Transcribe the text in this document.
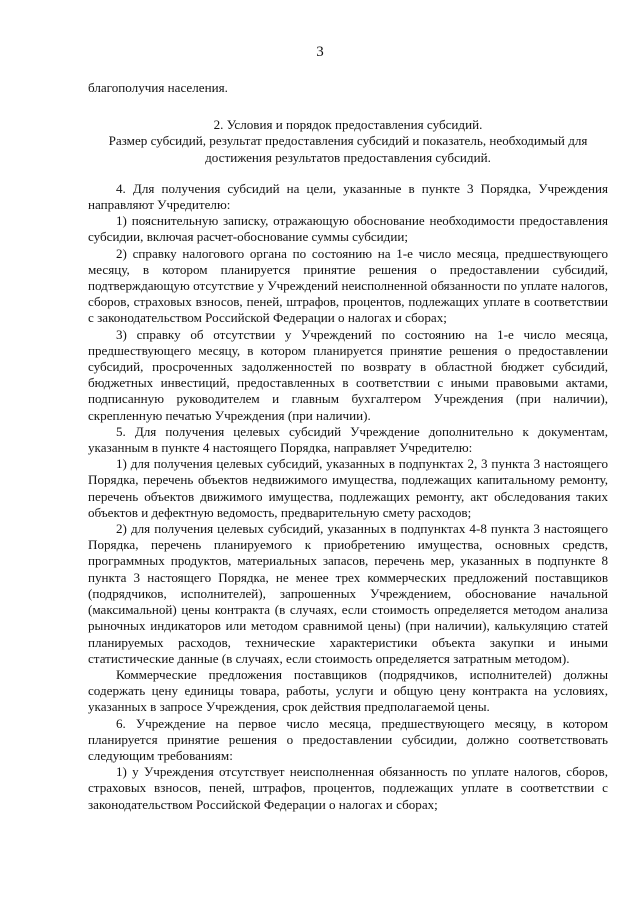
3

благополучия населения.

2. Условия и порядок предоставления субсидий.
Размер субсидий, результат предоставления субсидий и показатель, необходимый для
достижения результатов предоставления субсидий.

4. Для получения субсидий на цели, указанные в пункте 3 Порядка, Учреждения направляют Учредителю:

1) пояснительную записку, отражающую обоснование необходимости предоставления субсидии, включая расчет-обоснование суммы субсидии;

2) справку налогового органа по состоянию на 1-е число месяца, предшествующего месяцу, в котором планируется принятие решения о предоставлении субсидий, подтверждающую отсутствие у Учреждений неисполненной обязанности по уплате налогов, сборов, страховых взносов, пеней, штрафов, процентов, подлежащих уплате в соответствии с законодательством Российской Федерации о налогах и сборах;

3) справку об отсутствии у Учреждений по состоянию на 1-е число месяца, предшествующего месяцу, в котором планируется принятие решения о предоставлении субсидий, просроченных задолженностей по возврату в областной бюджет субсидий, бюджетных инвестиций, предоставленных в соответствии с иными правовыми актами, подписанную руководителем и главным бухгалтером Учреждения (при наличии), скрепленную печатью Учреждения (при наличии).

5. Для получения целевых субсидий Учреждение дополнительно к документам, указанным в пункте 4 настоящего Порядка, направляет Учредителю:

1) для получения целевых субсидий, указанных в подпунктах 2, 3 пункта 3 настоящего Порядка, перечень объектов недвижимого имущества, подлежащих капитальному ремонту, перечень объектов движимого имущества, подлежащих ремонту, акт обследования таких объектов и дефектную ведомость, предварительную смету расходов;

2) для получения целевых субсидий, указанных в подпунктах 4-8 пункта 3 настоящего Порядка, перечень планируемого к приобретению имущества, основных средств, программных продуктов, материальных запасов, перечень мер, указанных в подпункте 8 пункта 3 настоящего Порядка, не менее трех коммерческих предложений поставщиков (подрядчиков, исполнителей), запрошенных Учреждением, обоснование начальной (максимальной) цены контракта (в случаях, если стоимость определяется методом анализа рыночных индикаторов или методом сравнимой цены) (при наличии), калькуляцию статей планируемых расходов, технические характеристики объекта закупки и иными статистические данные (в случаях, если стоимость определяется затратным методом).

Коммерческие предложения поставщиков (подрядчиков, исполнителей) должны содержать цену единицы товара, работы, услуги и общую цену контракта на условиях, указанных в запросе Учреждения, срок действия предполагаемой цены.

6. Учреждение на первое число месяца, предшествующего месяцу, в котором планируется принятие решения о предоставлении субсидии, должно соответствовать следующим требованиям:

1) у Учреждения отсутствует неисполненная обязанность по уплате налогов, сборов, страховых взносов, пеней, штрафов, процентов, подлежащих уплате в соответствии с законодательством Российской Федерации о налогах и сборах;
